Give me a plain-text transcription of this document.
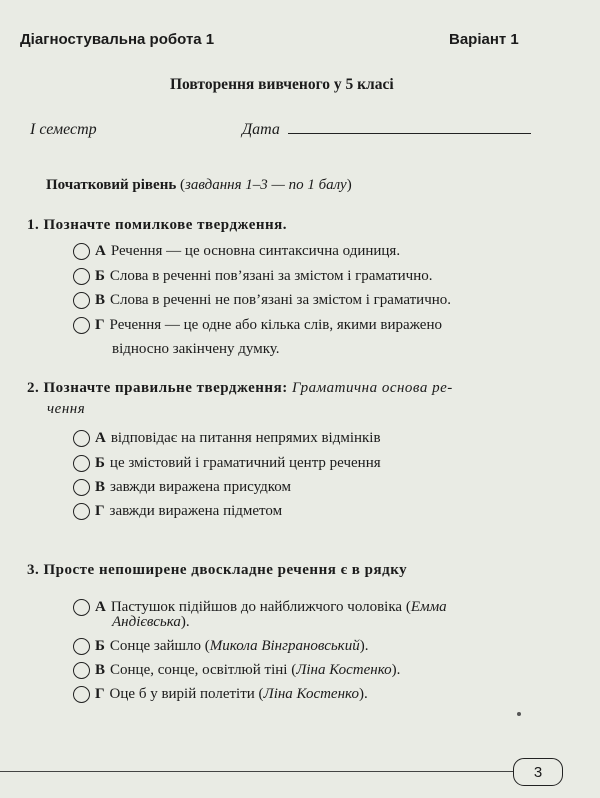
Діагностувальна робота 1	Варіант 1
Повторення вивченого у 5 класі
І семестр	Дата
Початковий рівень (завдання 1–3 — по 1 балу)
1. Позначте помилкове твердження.
А Речення — це основна синтаксична одиниця.
Б Слова в реченні пов’язані за змістом і граматично.
В Слова в реченні не пов’язані за змістом і граматично.
Г Речення — це одне або кілька слів, якими виражено
відносно закінчену думку.
2. Позначте правильне твердження: Граматична основа ре-
чення
А відповідає на питання непрямих відмінків
Б це змістовий і граматичний центр речення
В завжди виражена присудком
Г завжди виражена підметом
3. Просте непоширене двоскладне речення є в рядку
А Пастушок підійшов до найближчого чоловіка ( Емма
Андієвська).
Б Сонце зайшло ( Микола Вінграновський ).
В Сонце, сонце, освітлюй тіні ( Ліна Костенко ).
Г Оце б у вирій полетіти ( Ліна Костенко ).
3
